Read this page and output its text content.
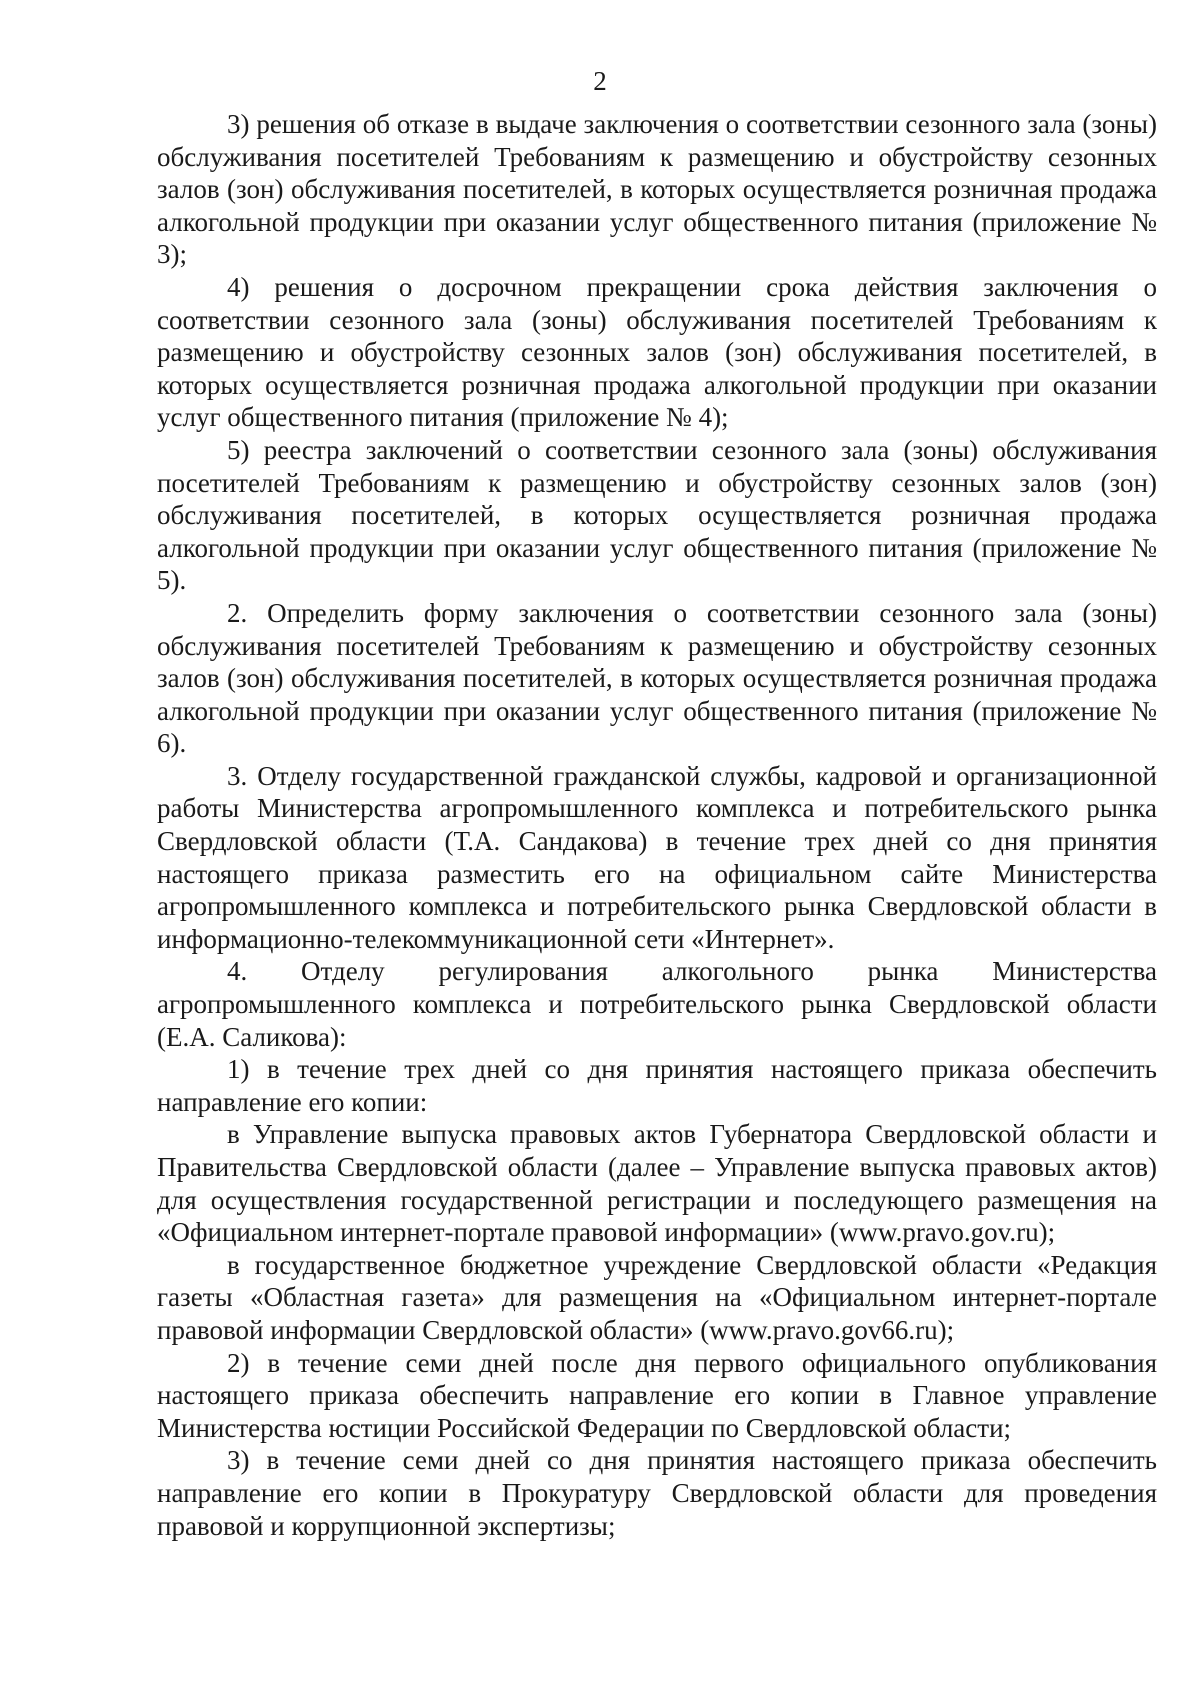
2

3) решения об отказе в выдаче заключения о соответствии сезонного зала (зоны) обслуживания посетителей Требованиям к размещению и обустройству сезонных залов (зон) обслуживания посетителей, в которых осуществляется розничная продажа алкогольной продукции при оказании услуг общественного питания (приложение № 3);

4) решения о досрочном прекращении срока действия заключения о соответствии сезонного зала (зоны) обслуживания посетителей Требованиям к размещению и обустройству сезонных залов (зон) обслуживания посетителей, в которых осуществляется розничная продажа алкогольной продукции при оказании услуг общественного питания (приложение № 4);

5) реестра заключений о соответствии сезонного зала (зоны) обслуживания посетителей Требованиям к размещению и обустройству сезонных залов (зон) обслуживания посетителей, в которых осуществляется розничная продажа алкогольной продукции при оказании услуг общественного питания (приложение № 5).

2. Определить форму заключения о соответствии сезонного зала (зоны) обслуживания посетителей Требованиям к размещению и обустройству сезонных залов (зон) обслуживания посетителей, в которых осуществляется розничная продажа алкогольной продукции при оказании услуг общественного питания (приложение № 6).

3. Отделу государственной гражданской службы, кадровой и организационной работы Министерства агропромышленного комплекса и потребительского рынка Свердловской области (Т.А. Сандакова) в течение трех дней со дня принятия настоящего приказа разместить его на официальном сайте Министерства агропромышленного комплекса и потребительского рынка Свердловской области в информационно-телекоммуникационной сети «Интернет».

4. Отделу регулирования алкогольного рынка Министерства агропромышленного комплекса и потребительского рынка Свердловской области (Е.А. Саликова):

1) в течение трех дней со дня принятия настоящего приказа обеспечить направление его копии:

в Управление выпуска правовых актов Губернатора Свердловской области и Правительства Свердловской области (далее – Управление выпуска правовых актов) для осуществления государственной регистрации и последующего размещения на «Официальном интернет-портале правовой информации» (www.pravo.gov.ru);

в государственное бюджетное учреждение Свердловской области «Редакция газеты «Областная газета» для размещения на «Официальном интернет-портале правовой информации Свердловской области» (www.pravo.gov66.ru);

2) в течение семи дней после дня первого официального опубликования настоящего приказа обеспечить направление его копии в Главное управление Министерства юстиции Российской Федерации по Свердловской области;

3) в течение семи дней со дня принятия настоящего приказа обеспечить направление его копии в Прокуратуру Свердловской области для проведения правовой и коррупционной экспертизы;
